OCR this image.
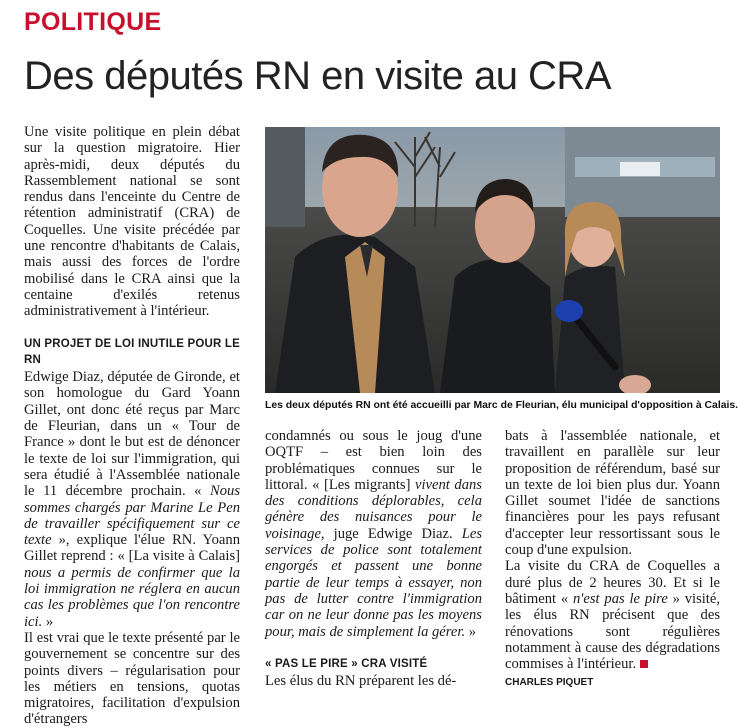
POLITIQUE
Des députés RN en visite au CRA

Une visite politique en plein débat sur la question migratoire. Hier après-midi, deux députés du Rassemblement national se sont rendus dans l'enceinte du Centre de rétention administratif (CRA) de Coquelles. Une visite précédée par une rencontre d'habitants de Calais, mais aussi des forces de l'ordre mobilisé dans le CRA ainsi que la centaine d'exilés retenus administrativement à l'intérieur.

UN PROJET DE LOI INUTILE POUR LE RN

Edwige Diaz, députée de Gironde, et son homologue du Gard Yoann Gillet, ont donc été reçus par Marc de Fleurian, dans un « Tour de France » dont le but est de dénoncer le texte de loi sur l'immigration, qui sera étudié à l'Assemblée nationale le 11 décembre prochain. « Nous sommes chargés par Marine Le Pen de travailler spécifiquement sur ce texte », explique l'élue RN. Yoann Gillet reprend : « [La visite à Calais] nous a permis de confirmer que la loi immigration ne réglera en aucun cas les problèmes que l'on rencontre ici. »

Il est vrai que le texte présenté par le gouvernement se concentre sur des points divers – régularisation pour les métiers en tensions, quotas migratoires, facilitation d'expulsion d'étrangers

Les deux députés RN ont été accueilli par Marc de Fleurian, élu municipal d'opposition à Calais.

condamnés ou sous le joug d'une OQTF – est bien loin des problématiques connues sur le littoral. « [Les migrants] vivent dans des conditions déplorables, cela génère des nuisances pour le voisinage, juge Edwige Diaz. Les services de police sont totalement engorgés et passent une bonne partie de leur temps à essayer, non pas de lutter contre l'immigration car on ne leur donne pas les moyens pour, mais de simplement la gérer. »

« PAS LE PIRE » CRA VISITÉ

Les élus du RN préparent les dé-

bats à l'assemblée nationale, et travaillent en parallèle sur leur proposition de référendum, basé sur un texte de loi bien plus dur. Yoann Gillet soumet l'idée de sanctions financières pour les pays refusant d'accepter leur ressortissant sous le coup d'une expulsion.

La visite du CRA de Coquelles a duré plus de 2 heures 30. Et si le bâtiment « n'est pas le pire » visité, les élus RN précisent que des rénovations sont régulières notamment à cause des dégradations commises à l'intérieur.

CHARLES PIQUET
